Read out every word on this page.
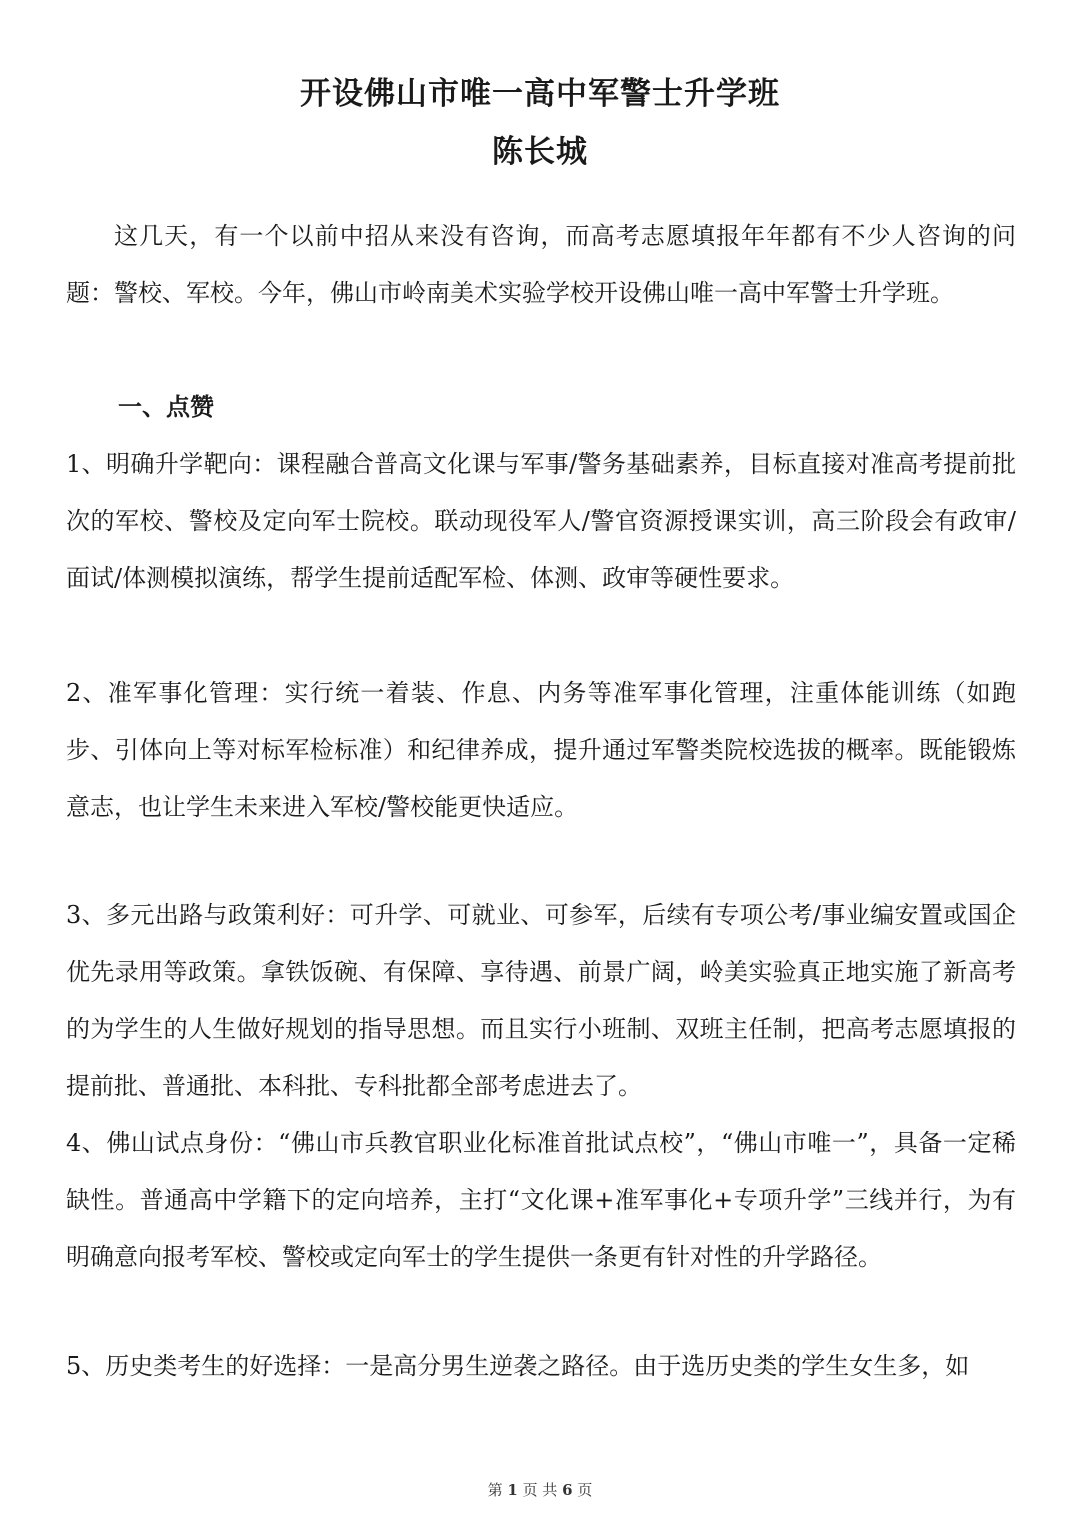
开设佛山市唯一高中军警士升学班
陈长城

这几天，有一个以前中招从来没有咨询，而高考志愿填报年年都有不少人咨询的问题：警校、军校。今年，佛山市岭南美术实验学校开设佛山唯一高中军警士升学班。

一、点赞

1、明确升学靶向：课程融合普高文化课与军事/警务基础素养，目标直接对准高考提前批次的军校、警校及定向军士院校。联动现役军人/警官资源授课实训，高三阶段会有政审/面试/体测模拟演练，帮学生提前适配军检、体测、政审等硬性要求。

2、准军事化管理：实行统一着装、作息、内务等准军事化管理，注重体能训练（如跑步、引体向上等对标军检标准）和纪律养成，提升通过军警类院校选拔的概率。既能锻炼意志，也让学生未来进入军校/警校能更快适应。

3、多元出路与政策利好：可升学、可就业、可参军，后续有专项公考/事业编安置或国企优先录用等政策。拿铁饭碗、有保障、享待遇、前景广阔，岭美实验真正地实施了新高考的为学生的人生做好规划的指导思想。而且实行小班制、双班主任制，把高考志愿填报的提前批、普通批、本科批、专科批都全部考虑进去了。

4、佛山试点身份：“佛山市兵教官职业化标准首批试点校”，“佛山市唯一”，具备一定稀缺性。普通高中学籍下的定向培养，主打“文化课+准军事化+专项升学”三线并行，为有明确意向报考军校、警校或定向军士的学生提供一条更有针对性的升学路径。

5、历史类考生的好选择：一是高分男生逆袭之路径。由于选历史类的学生女生多，如

第 1 页 共 6 页
